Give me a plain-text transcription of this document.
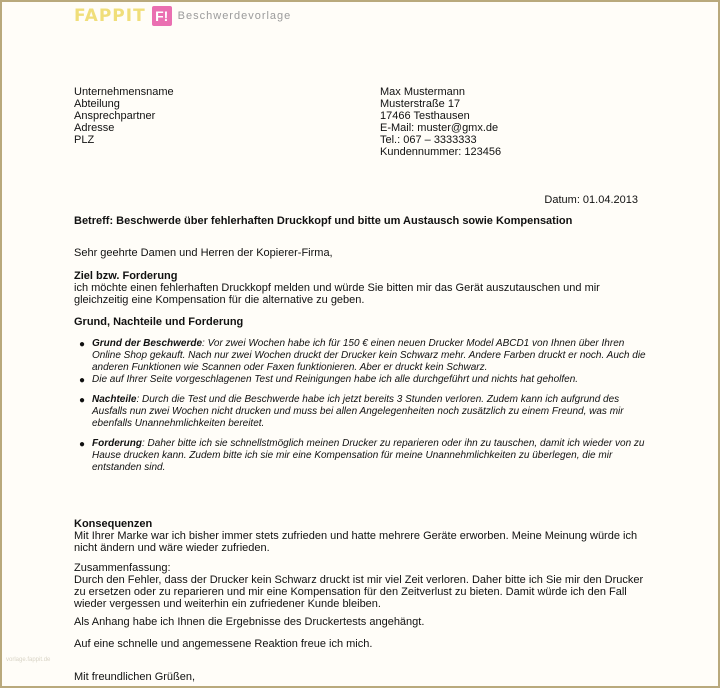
FAPPIT F! Beschwerdevorlage
Unternehmensname
Abteilung
Ansprechpartner
Adresse
PLZ
Max Mustermann
Musterstraße 17
17466 Testhausen
E-Mail: muster@gmx.de
Tel.: 067 – 3333333
Kundennummer: 123456
Datum: 01.04.2013
Betreff: Beschwerde über fehlerhaften Druckkopf und bitte um Austausch sowie Kompensation
Sehr geehrte Damen und Herren der Kopierer-Firma,
Ziel bzw. Forderung
ich möchte einen fehlerhaften Druckkopf melden und würde Sie bitten mir das Gerät auszutauschen und mir gleichzeitig eine Kompensation für die alternative zu geben.
Grund, Nachteile und Forderung
● Grund der Beschwerde: Vor zwei Wochen habe ich für 150 € einen neuen Drucker Model ABCD1 von Ihnen über Ihren Online Shop gekauft. Nach nur zwei Wochen druckt der Drucker kein Schwarz mehr. Andere Farben druckt er noch. Auch die anderen Funktionen wie Scannen oder Faxen funktionieren. Aber er druckt kein Schwarz.
● Die auf Ihrer Seite vorgeschlagenen Test und Reinigungen habe ich alle durchgeführt und nichts hat geholfen.
● Nachteile: Durch die Test und die Beschwerde habe ich jetzt bereits 3 Stunden verloren. Zudem kann ich aufgrund des Ausfalls nun zwei Wochen nicht drucken und muss bei allen Angelegenheiten noch zusätzlich zu einem Freund, was mir ebenfalls Unannehmlichkeiten bereitet.
● Forderung: Daher bitte ich sie schnellstmöglich meinen Drucker zu reparieren oder ihn zu tauschen, damit ich wieder von zu Hause drucken kann. Zudem bitte ich sie mir eine Kompensation für meine Unannehmlichkeiten zu überlegen, die mir entstanden sind.
Konsequenzen
Mit Ihrer Marke war ich bisher immer stets zufrieden und hatte mehrere Geräte erworben. Meine Meinung würde ich nicht ändern und wäre wieder zufrieden.
Zusammenfassung:
Durch den Fehler, dass der Drucker kein Schwarz druckt ist mir viel Zeit verloren. Daher bitte ich Sie mir den Drucker zu ersetzen oder zu reparieren und mir eine Kompensation für den Zeitverlust zu bieten. Damit würde ich den Fall wieder vergessen und weiterhin ein zufriedener Kunde bleiben.
Als Anhang habe ich Ihnen die Ergebnisse des Druckertests angehängt.
Auf eine schnelle und angemessene Reaktion freue ich mich.
Mit freundlichen Grüßen,
vorlage.fappit.de
